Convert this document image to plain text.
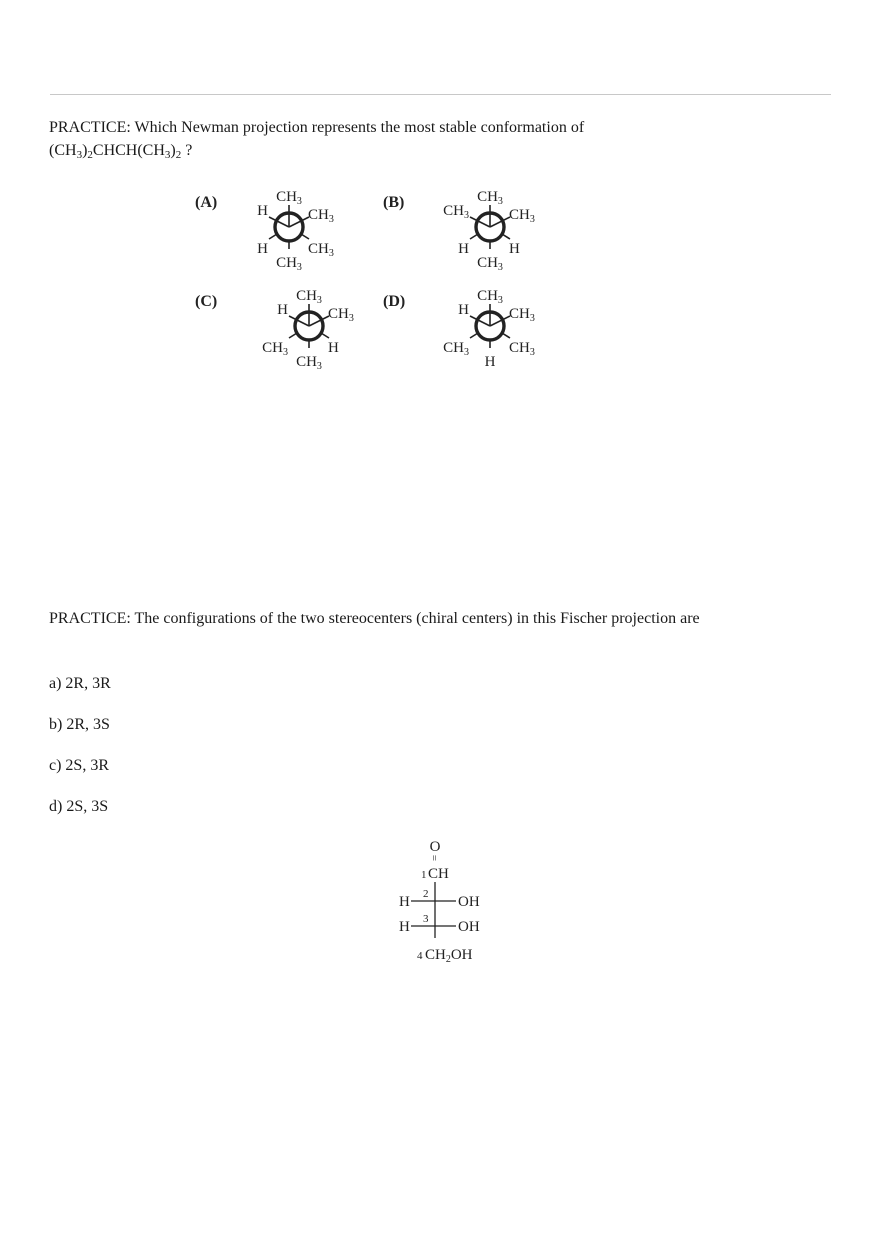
PRACTICE: Which Newman projection represents the most stable conformation of
$(CH_3)_2CHCH(CH_3)_2$ ?
(A)	$CH_3$
H	$CH_3$
H	$CH_3$
$CH_3$
(B)	$CH_3$
$CH_3$	$CH_3$
H	H
$CH_3$
(C)	$CH_3$
H	$CH_3$
$CH_3$	H
$CH_3$
(D)	$CH_3$
H	$CH_3$
$CH_3$	$CH_3$
H
PRACTICE: The configurations of the two stereocenters (chiral centers) in this Fischer projection are
a) 2R, 3R
b) 2R, 3S
c) 2S, 3R
d) 2S, 3S
O
=
1 CH
H 2 OH
H 3 OH
4 $CH_2OH$
